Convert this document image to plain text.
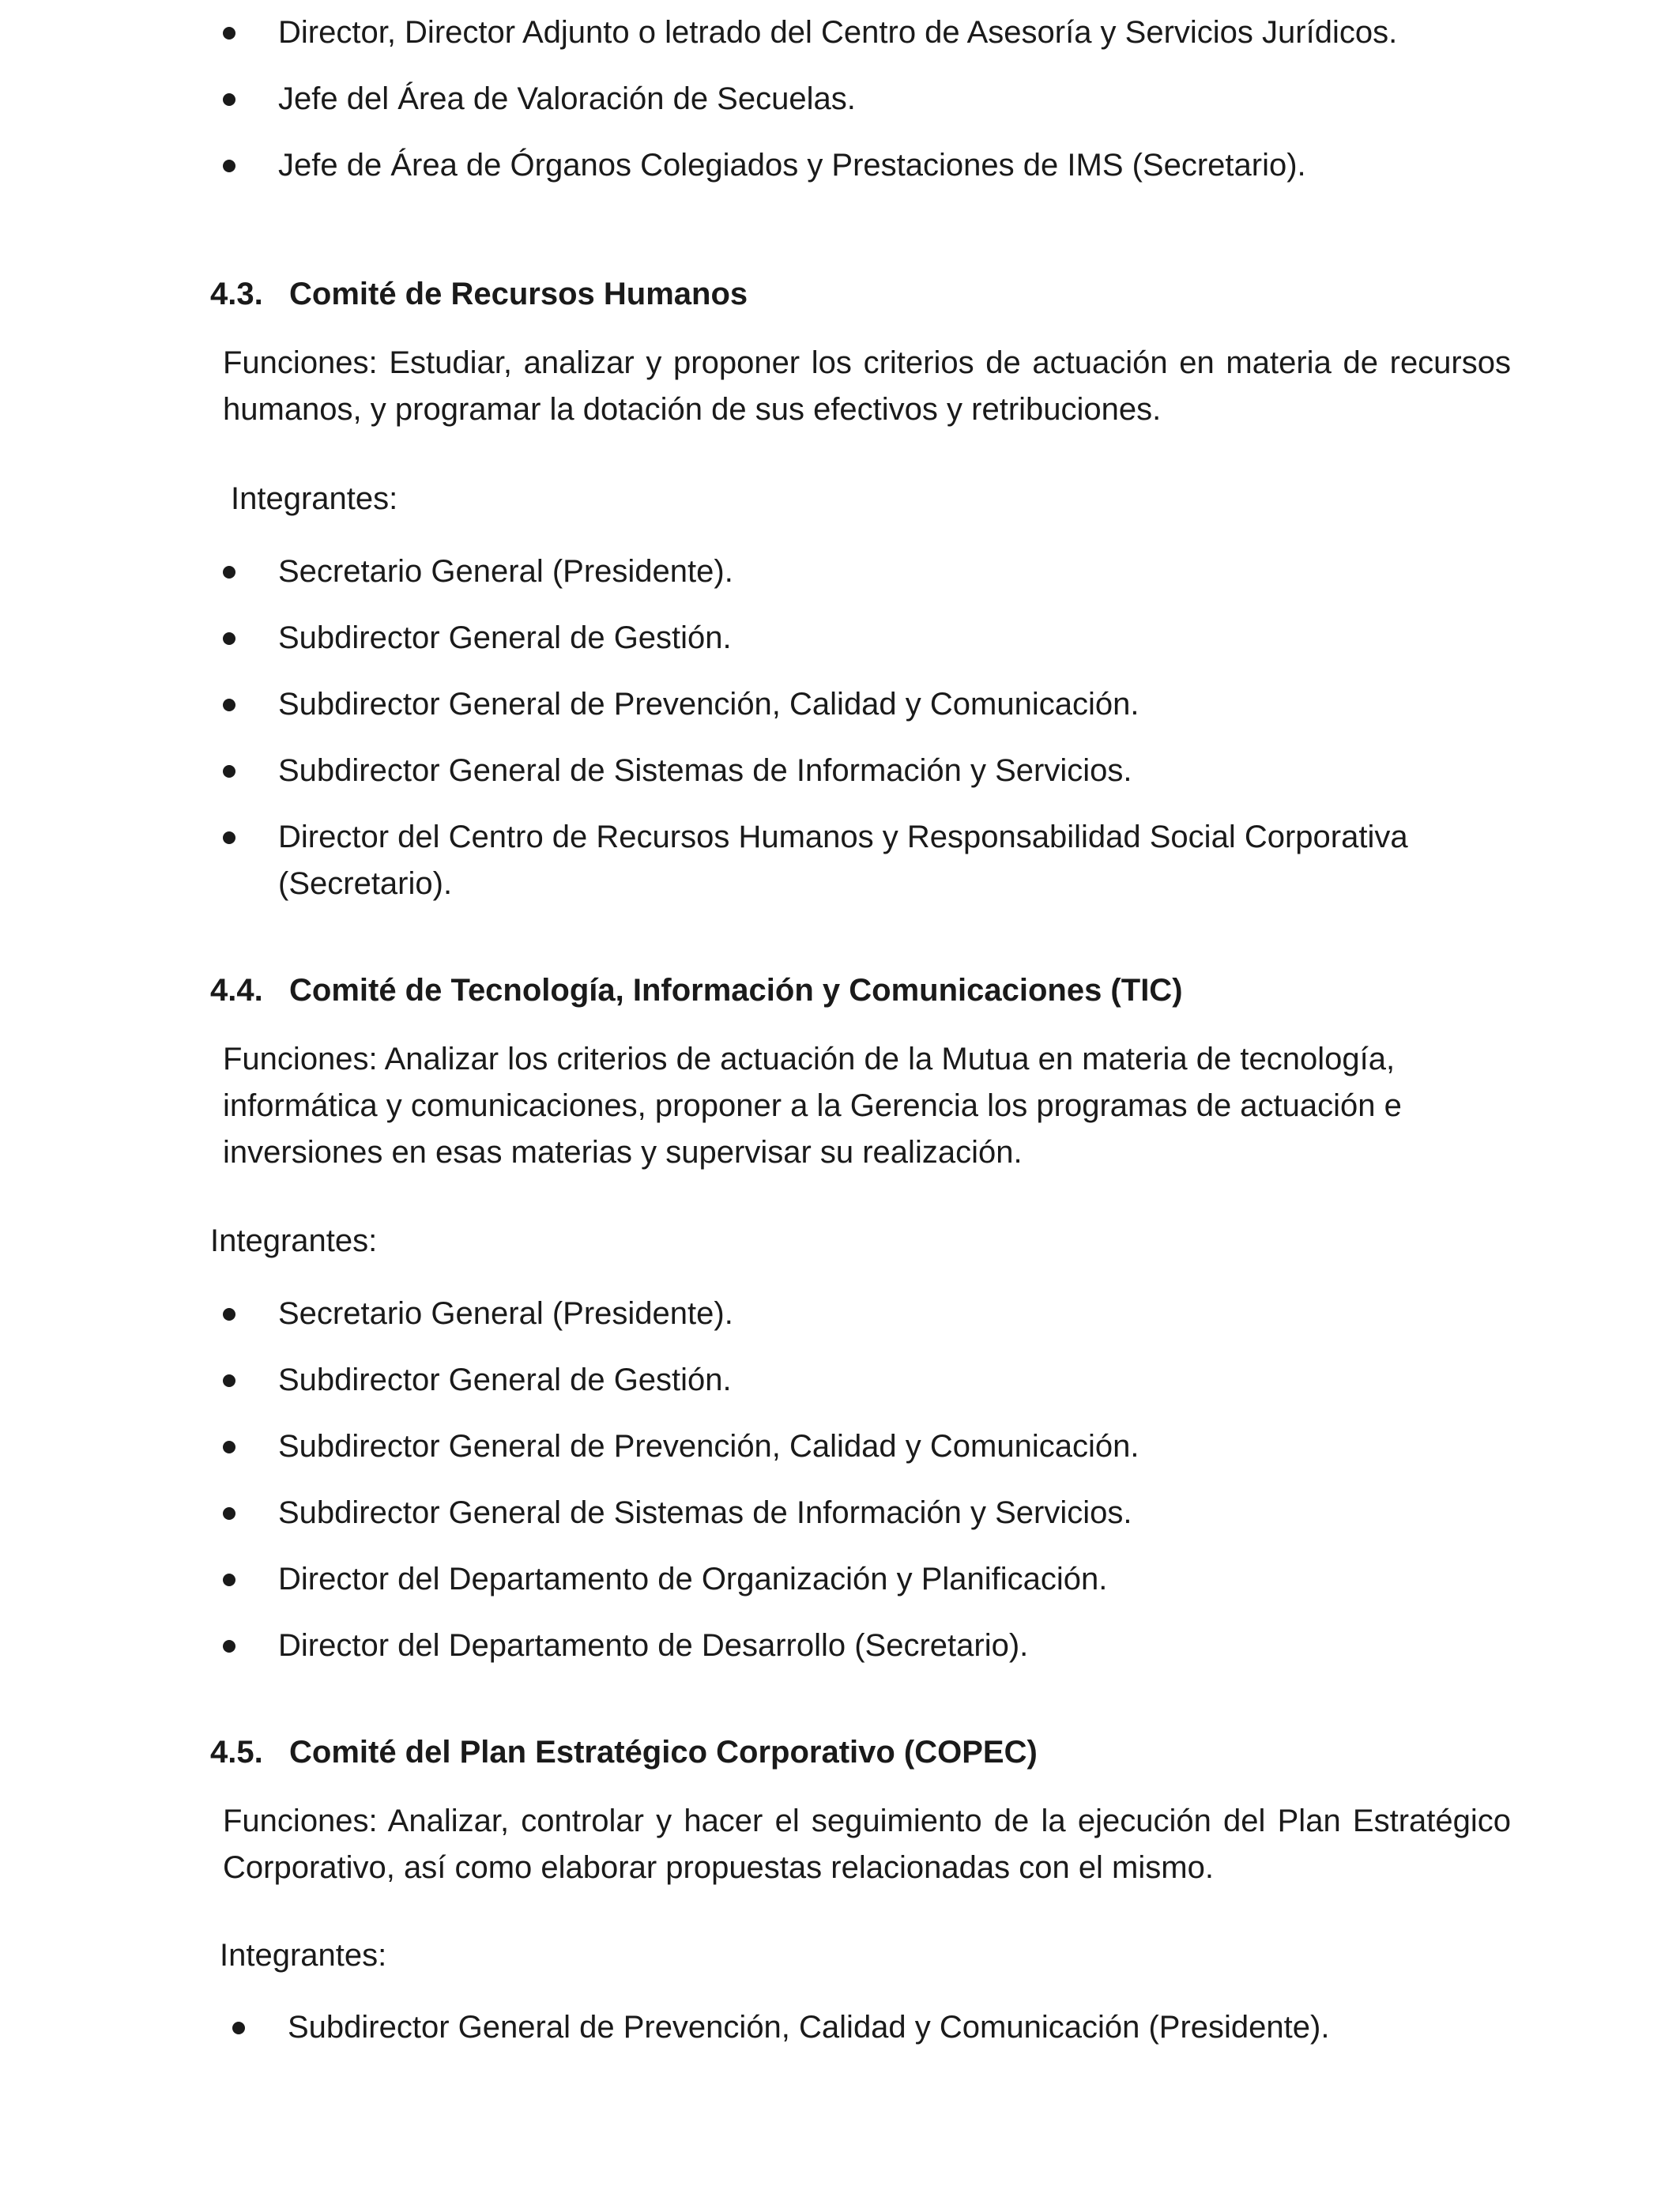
Director, Director Adjunto o letrado del Centro de Asesoría y Servicios Jurídicos.
Jefe del Área de Valoración de Secuelas.
Jefe de Área de Órganos Colegiados y Prestaciones de IMS (Secretario).
4.3. Comité de Recursos Humanos
Funciones: Estudiar, analizar y proponer los criterios de actuación en materia de recursos humanos, y programar la dotación de sus efectivos y retribuciones.
Integrantes:
Secretario General (Presidente).
Subdirector General de Gestión.
Subdirector General de Prevención, Calidad y Comunicación.
Subdirector General de Sistemas de Información y Servicios.
Director del Centro de Recursos Humanos y Responsabilidad Social Corporativa (Secretario).
4.4. Comité de Tecnología, Información y Comunicaciones (TIC)
Funciones: Analizar los criterios de actuación de la Mutua en materia de tecnología, informática y comunicaciones, proponer a la Gerencia los programas de actuación e inversiones en esas materias y supervisar su realización.
Integrantes:
Secretario General (Presidente).
Subdirector General de Gestión.
Subdirector General de Prevención, Calidad y Comunicación.
Subdirector General de Sistemas de Información y Servicios.
Director del Departamento de Organización y Planificación.
Director del Departamento de Desarrollo (Secretario).
4.5. Comité del Plan Estratégico Corporativo (COPEC)
Funciones: Analizar, controlar y hacer el seguimiento de la ejecución del Plan Estratégico Corporativo, así como elaborar propuestas relacionadas con el mismo.
Integrantes:
Subdirector General de Prevención, Calidad y Comunicación (Presidente).
